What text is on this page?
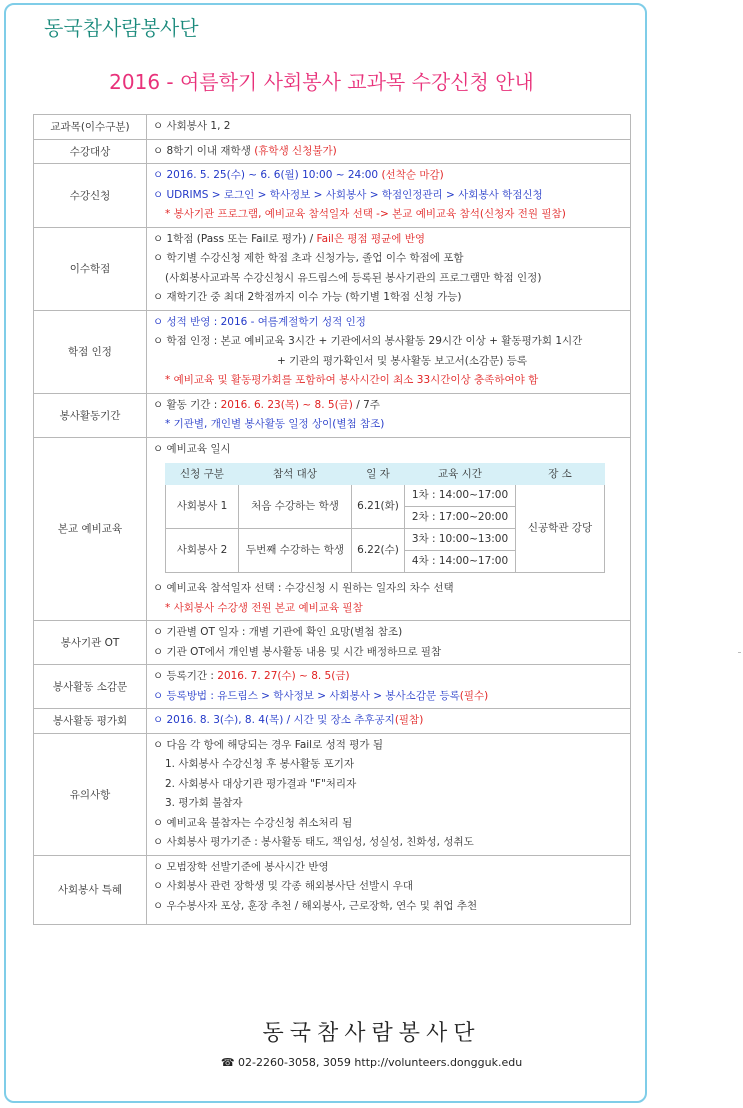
동국참사람봉사단
2016 - 여름학기 사회봉사 교과목 수강신청 안내
교과목(이수구분)	ㅇ 사회봉사 1, 2

수강대상	ㅇ 8학기 이내 재학생 (휴학생 신청불가)

수강신청	
ㅇ 2016. 5. 25(수) ~ 6. 6(월) 10:00 ~ 24:00 (선착순 마감)
ㅇ UDRIMS > 로그인 > 학사정보 > 사회봉사 > 학점인정관리 > 사회봉사 학점신청
* 봉사기관 프로그램, 예비교육 참석일자 선택 -> 본교 예비교육 참석(신청자 전원 필참)

이수학점	
ㅇ 1학점 (Pass 또는 Fail로 평가) / Fail은 평점 평균에 반영
ㅇ 학기별 수강신청 제한 학점 초과 신청가능, 졸업 이수 학점에 포함
(사회봉사교과목 수강신청시 유드림스에 등록된 봉사기관의 프로그램만 학점 인정)
ㅇ 재학기간 중 최대 2학점까지 이수 가능 (학기별 1학점 신청 가능)

학점 인정	
ㅇ 성적 반영 : 2016 - 여름계절학기 성적 인정
ㅇ 학점 인정 : 본교 예비교육 3시간 + 기관에서의 봉사활동 29시간 이상 + 활동평가회 1시간
+ 기관의 평가확인서 및 봉사활동 보고서(소감문) 등록
* 예비교육 및 활동평가회를 포함하여 봉사시간이 최소 33시간이상 충족하여야 함

봉사활동기간	
ㅇ 활동 기간 : 2016. 6. 23(목) ~ 8. 5(금) / 7주
* 기관별, 개인별 봉사활동 일정 상이(별첨 참조)

본교 예비교육	
ㅇ 예비교육 일시
신청 구분	참석 대상	일 자	교육 시간	장 소
사회봉사 1	처음 수강하는 학생	6.21(화)	1차 : 14:00~17:00	신공학관 강당
2차 : 17:00~20:00
사회봉사 2	두번째 수강하는 학생	6.22(수)	3차 : 10:00~13:00
4차 : 14:00~17:00
ㅇ 예비교육 참석일자 선택 : 수강신청 시 원하는 일자의 차수 선택
* 사회봉사 수강생 전원 본교 예비교육 필참

봉사기관 OT	
ㅇ 기관별 OT 일자 : 개별 기관에 확인 요망(별첨 참조)
ㅇ 기관 OT에서 개인별 봉사활동 내용 및 시간 배정하므로 필참

봉사활동 소감문	
ㅇ 등록기간 : 2016. 7. 27(수) ~ 8. 5(금)
ㅇ 등록방법 : 유드림스 > 학사정보 > 사회봉사 > 봉사소감문 등록(필수)

봉사활동 평가회	ㅇ 2016. 8. 3(수), 8. 4(목) / 시간 및 장소 추후공지(필참)

유의사항	
ㅇ 다음 각 항에 해당되는 경우 Fail로 성적 평가 됨
1. 사회봉사 수강신청 후 봉사활동 포기자
2. 사회봉사 대상기관 평가결과 "F"처리자
3. 평가회 불참자
ㅇ 예비교육 불참자는 수강신청 취소처리 됨
ㅇ 사회봉사 평가기준 : 봉사활동 태도, 책임성, 성실성, 친화성, 성취도

사회봉사 특혜	
ㅇ 모범장학 선발기준에 봉사시간 반영
ㅇ 사회봉사 관련 장학생 및 각종 해외봉사단 선발시 우대
ㅇ 우수봉사자 포상, 훈장 추천 / 해외봉사, 근로장학, 연수 및 취업 추천
동국참사람봉사단
☎ 02-2260-3058, 3059 http://volunteers.dongguk.edu
